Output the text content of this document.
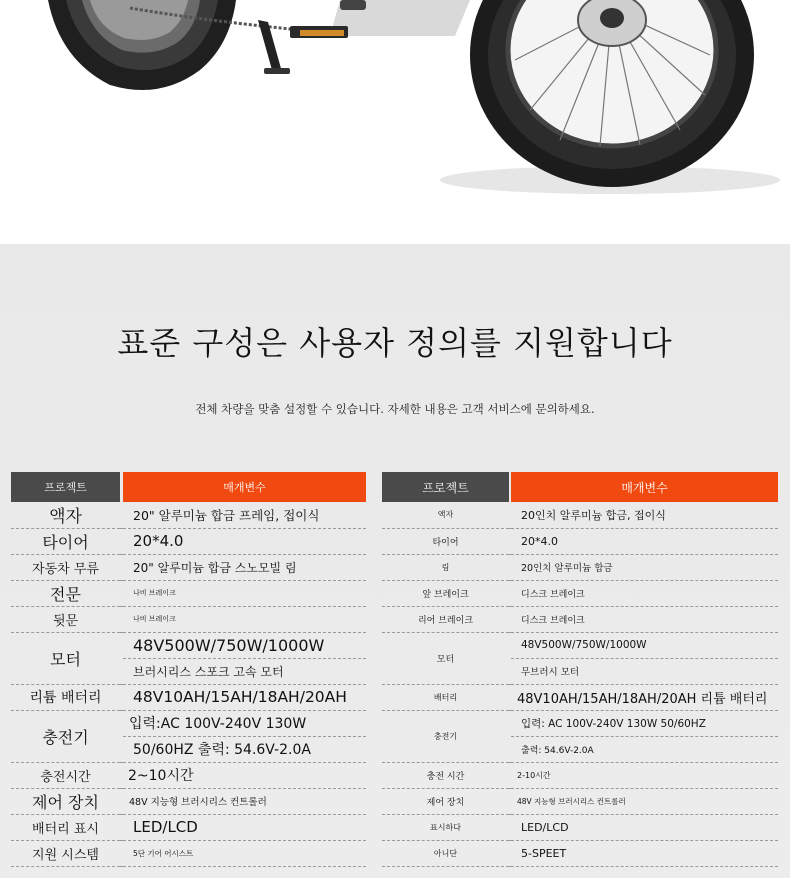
표준 구성은 사용자 정의를 지원합니다
전체 차량을 맞춤 설정할 수 있습니다. 자세한 내용은 고객 서비스에 문의하세요.
프로젝트		매개변수
액자		20" 알루미늄 합금 프레임, 접이식
타이어		20*4.0
자동차 무류		20" 알루미늄 합금 스노모빌 림
전문		나비 브레이크
뒷문		나비 브레이크
모터		48V500W/750W/1000W
		브러시리스 스포크 고속 모터
리튬 배터리		48V10AH/15AH/18AH/20AH
충전기		입력:AC 100V-240V 130W
		50/60HZ 출력: 54.6V-2.0A
충전시간		2~10시간
제어 장치		48V 지능형 브러시리스 컨트롤러
배터리 표시		LED/LCD
지원 시스템		5단 기어 어시스트
프로젝트		매개변수
액자		20인치 알루미늄 합금, 접이식
타이어		20*4.0
림		20인치 알루미늄 합금
앞 브레이크		디스크 브레이크
리어 브레이크		디스크 브레이크
모터		48V500W/750W/1000W
		무브러시 모터
배터리		48V10AH/15AH/18AH/20AH 리튬 배터리
충전기		입력: AC 100V-240V 130W 50/60HZ
		출력: 54.6V-2.0A
충전 시간		2-10시간
제어 장치		48V 지능형 브러시리스 컨트롤러
표시하다		LED/LCD
아니단		5-SPEET
